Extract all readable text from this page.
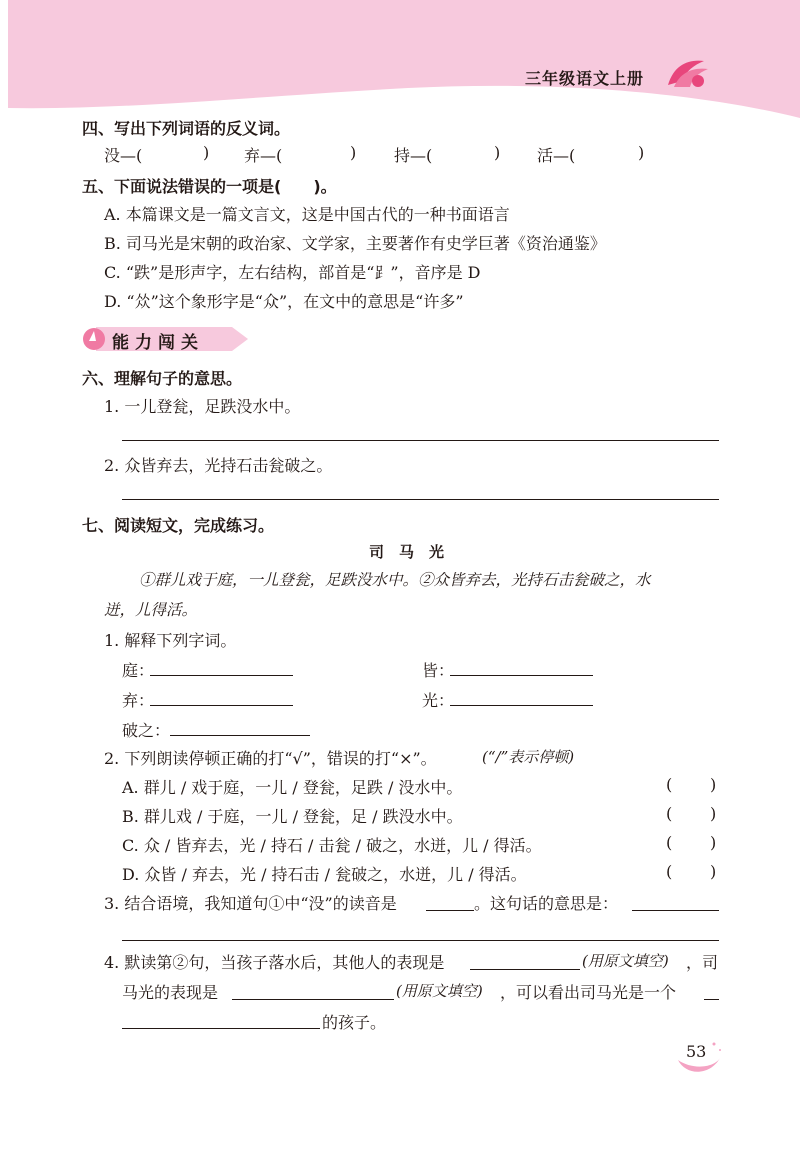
三年级语文上册
四、写出下列词语的反义词。
没—(	) 弃—(	) 持—(	) 活—(	)
五、下面说法错误的一项是(　　)。
A. 本篇课文是一篇文言文，这是中国古代的一种书面语言
B. 司马光是宋朝的政治家、文学家，主要著作有史学巨著《资治通鉴》
C. “跌”是形声字，左右结构，部首是“⻊”，音序是 D
D. “𠈌”这个象形字是“众”，在文中的意思是“许多”
能力闯关
六、理解句子的意思。
1. 一儿登瓮，足跌没水中。
2. 众皆弃去，光持石击瓮破之。
七、阅读短文，完成练习。
司　马　光
①群儿戏于庭，一儿登瓮，足跌没水中。②众皆弃去，光持石击瓮破之，水
迸，儿得活。
1. 解释下列字词。
庭：	皆：
弃：	光：
破之：
2. 下列朗读停顿正确的打“√”，错误的打“×”。	(“/”表示停顿)
A. 群儿 / 戏于庭，一儿 / 登瓮，足跌 / 没水中。	( )
B. 群儿戏 / 于庭，一儿 / 登瓮，足 / 跌没水中。	( )
C. 众 / 皆弃去，光 / 持石 / 击瓮 / 破之，水迸，儿 / 得活。	( )
D. 众皆 / 弃去，光 / 持石击 / 瓮破之，水迸，儿 / 得活。	( )
3. 结合语境，我知道句①中“没”的读音是	。这句话的意思是：
4. 默读第②句，当孩子落水后，其他人的表现是	(用原文填空) ，司
马光的表现是	(用原文填空) ，可以看出司马光是一个
的孩子。
53
